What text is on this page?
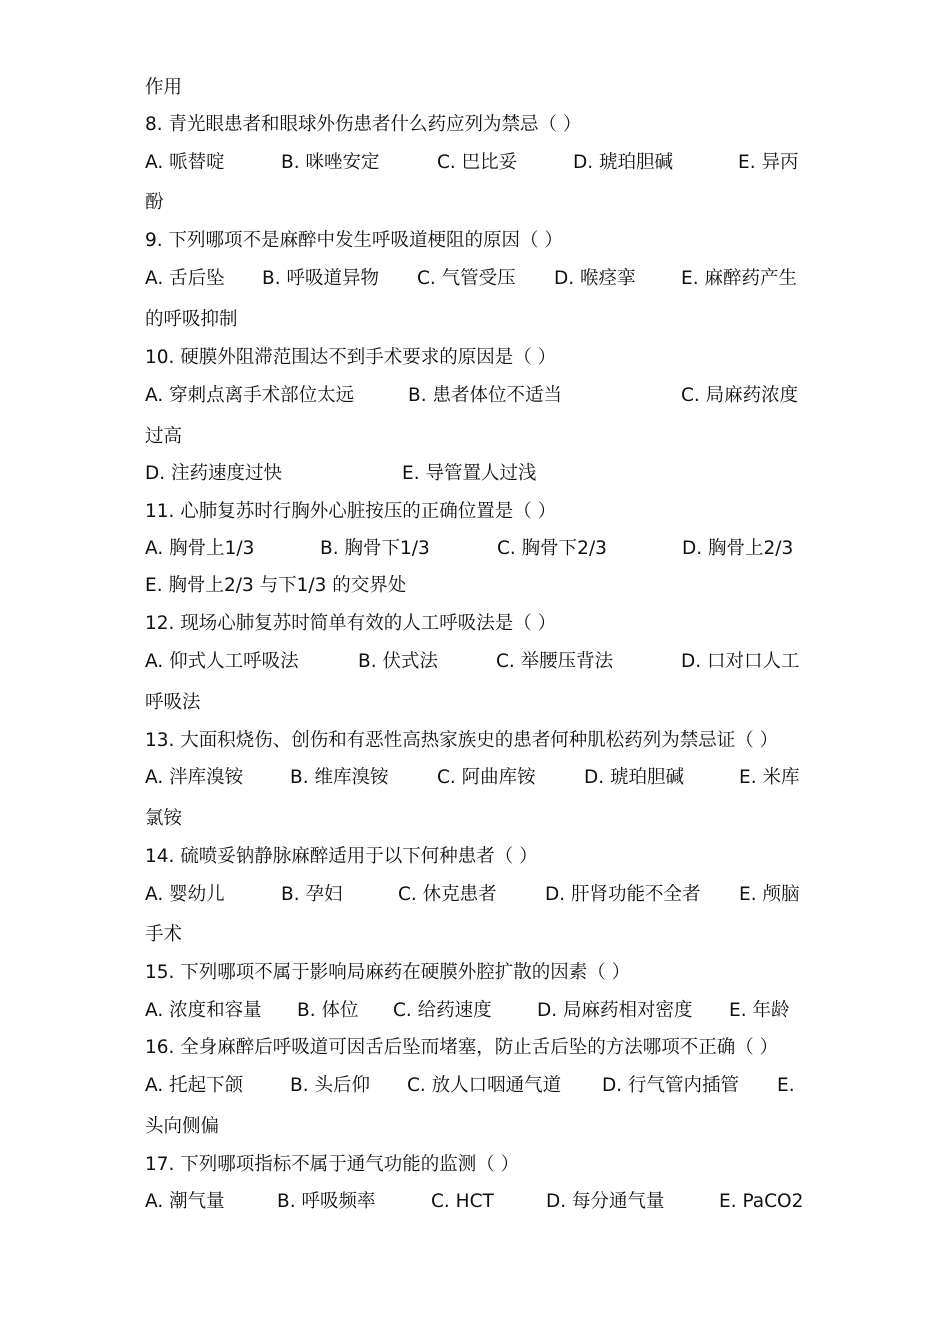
作用
8. 青光眼患者和眼球外伤患者什么药应列为禁忌（ ）
A. 哌替啶	B. 咪唑安定	C. 巴比妥	D. 琥珀胆碱	E. 异丙
酚
9. 下列哪项不是麻醉中发生呼吸道梗阻的原因（ ）
A. 舌后坠 B. 呼吸道异物 C. 气管受压 D. 喉痉挛 E. 麻醉药产生
的呼吸抑制
10. 硬膜外阻滞范围达不到手术要求的原因是（ ）
A. 穿刺点离手术部位太远	B. 患者体位不适当	C. 局麻药浓度
过高
D. 注药速度过快	E. 导管置人过浅
11. 心肺复苏时行胸外心脏按压的正确位置是（ ）
A. 胸骨上1/3	B. 胸骨下1/3	C. 胸骨下2/3	D. 胸骨上2/3
E. 胸骨上2/3 与下1/3 的交界处
12. 现场心肺复苏时简单有效的人工呼吸法是（ ）
A. 仰式人工呼吸法	B. 伏式法	C. 举腰压背法	D. 口对口人工
呼吸法
13. 大面积烧伤、创伤和有恶性高热家族史的患者何种肌松药列为禁忌证（ ）
A. 泮库溴铵	B. 维库溴铵	C. 阿曲库铵	D. 琥珀胆碱	E. 米库
氯铵
14. 硫喷妥钠静脉麻醉适用于以下何种患者（ ）
A. 婴幼儿	B. 孕妇	C. 休克患者	D. 肝肾功能不全者 E. 颅脑
手术
15. 下列哪项不属于影响局麻药在硬膜外腔扩散的因素（ ）
A. 浓度和容量 B. 体位 C. 给药速度 D. 局麻药相对密度 E. 年龄
16. 全身麻醉后呼吸道可因舌后坠而堵塞，防止舌后坠的方法哪项不正确（ ）
A. 托起下颌	B. 头后仰 C. 放人口咽通气道 D. 行气管内插管 E.
头向侧偏
17. 下列哪项指标不属于通气功能的监测（ ）
A. 潮气量	B. 呼吸频率	C. HCT	D. 每分通气量	E. PaCO2
